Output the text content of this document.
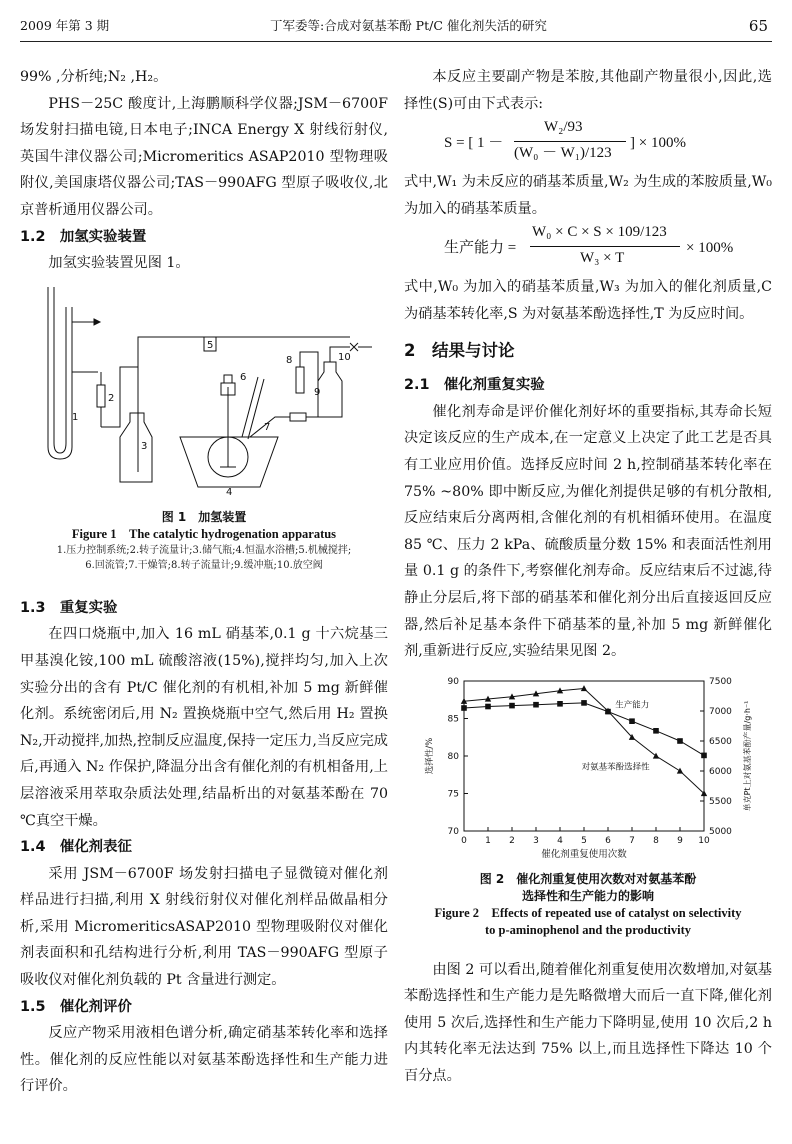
2009 年第 3 期	丁军委等:合成对氨基苯酚 Pt/C 催化剂失活的研究	65

99% ,分析纯;N₂ ,H₂。

PHS－25C 酸度计,上海鹏顺科学仪器;JSM－6700F 场发射扫描电镜,日本电子;INCA Energy X 射线衍射仪,英国牛津仪器公司;Micromeritics ASAP2010 型物理吸附仪,美国康塔仪器公司;TAS－990AFG 型原子吸收仪,北京普析通用仪器公司。

1.2　加氢实验装置

加氢实验装置见图 1。

1
2
3
4
5
6
7
8
9
10
图 1　加氢装置
Figure 1　The catalytic hydrogenation apparatus
1.压力控制系统;2.转子流量计;3.储气瓶;4.恒温水浴槽;5.机械搅拌;
6.回流管;7.干燥管;8.转子流量计;9.缓冲瓶;10.放空阀

1.3　重复实验

在四口烧瓶中,加入 16 mL 硝基苯,0.1 g 十六烷基三甲基溴化铵,100 mL 硫酸溶液(15%),搅拌均匀,加入上次实验分出的含有 Pt/C 催化剂的有机相,补加 5 mg 新鲜催化剂。系统密闭后,用 N₂ 置换烧瓶中空气,然后用 H₂ 置换 N₂,开动搅拌,加热,控制反应温度,保持一定压力,当反应完成后,再通入 N₂ 作保护,降温分出含有催化剂的有机相备用,上层溶液采用萃取杂质法处理,结晶析出的对氨基苯酚在 70 ℃真空干燥。

1.4　催化剂表征

采用 JSM－6700F 场发射扫描电子显微镜对催化剂样品进行扫描,利用 X 射线衍射仪对催化剂样品做晶相分析,采用 MicromeriticsASAP2010 型物理吸附仪对催化剂表面积和孔结构进行分析,利用 TAS－990AFG 型原子吸收仪对催化剂负载的 Pt 含量进行测定。

1.5　催化剂评价

反应产物采用液相色谱分析,确定硝基苯转化率和选择性。催化剂的反应性能以对氨基苯酚选择性和生产能力进行评价。

本反应主要副产物是苯胺,其他副产物量很小,因此,选择性(S)可由下式表示:

S = [ 1 －
W₂/93
(W₀ － W₁)/123
] × 100%

式中,W₁ 为未反应的硝基苯质量,W₂ 为生成的苯胺质量,W₀ 为加入的硝基苯质量。

生产能力 =
W₀ × C × S × 109/123
W₃ × T
× 100%

式中,W₀ 为加入的硝基苯质量,W₃ 为加入的催化剂质量,C 为硝基苯转化率,S 为对氨基苯酚选择性,T 为反应时间。

2　结果与讨论

2.1　催化剂重复实验

催化剂寿命是评价催化剂好坏的重要指标,其寿命长短决定该反应的生产成本,在一定意义上决定了此工艺是否具有工业应用价值。选择反应时间 2 h,控制硝基苯转化率在 75% ~80% 即中断反应,为催化剂提供足够的有机分散相,反应结束后分离两相,含催化剂的有机相循环使用。在温度85 ℃、压力 2 kPa、硫酸质量分数 15% 和表面活性剂用量 0.1 g 的条件下,考察催化剂寿命。反应结束后不过滤,待静止分层后,将下部的硝基苯和催化剂分出后直接返回反应器,然后补足基本条件下硝基苯的量,补加 5 mg 新鲜催化剂,重新进行反应,实验结果见图 2。

0 1 2 3 4 5 6 7 8 9 10
70
75
80
85
90
5000
5500
6000
6500
7000
7500
催化剂重复使用次数
选择性/%	单克Pt上对氨基苯酚产量/g·h⁻¹
生产能力
对氨基苯酚选择性
图 2　催化剂重复使用次数对对氨基苯酚
选择性和生产能力的影响
Figure 2　Effects of repeated use of catalyst on selectivity
to p-aminophenol and the productivity

由图 2 可以看出,随着催化剂重复使用次数增加,对氨基苯酚选择性和生产能力是先略微增大而后一直下降,催化剂使用 5 次后,选择性和生产能力下降明显,使用 10 次后,2 h 内其转化率无法达到 75% 以上,而且选择性下降达 10 个百分点。
